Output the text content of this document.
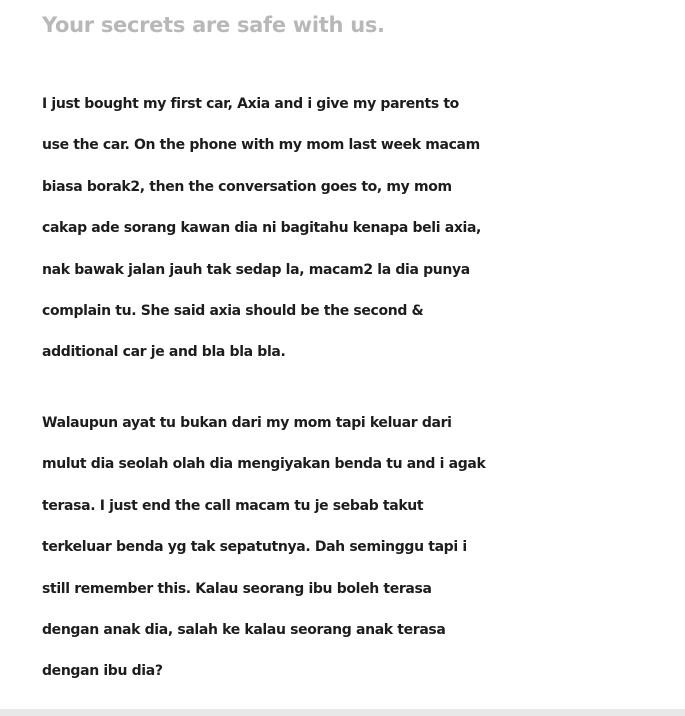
Your secrets are safe with us.
I just bought my first car, Axia and i give my parents to
use the car. On the phone with my mom last week macam
biasa borak2, then the conversation goes to, my mom
cakap ade sorang kawan dia ni bagitahu kenapa beli axia,
nak bawak jalan jauh tak sedap la, macam2 la dia punya
complain tu. She said axia should be the second &
additional car je and bla bla bla.
Walaupun ayat tu bukan dari my mom tapi keluar dari
mulut dia seolah olah dia mengiyakan benda tu and i agak
terasa. I just end the call macam tu je sebab takut
terkeluar benda yg tak sepatutnya. Dah seminggu tapi i
still remember this. Kalau seorang ibu boleh terasa
dengan anak dia, salah ke kalau seorang anak terasa
dengan ibu dia?
